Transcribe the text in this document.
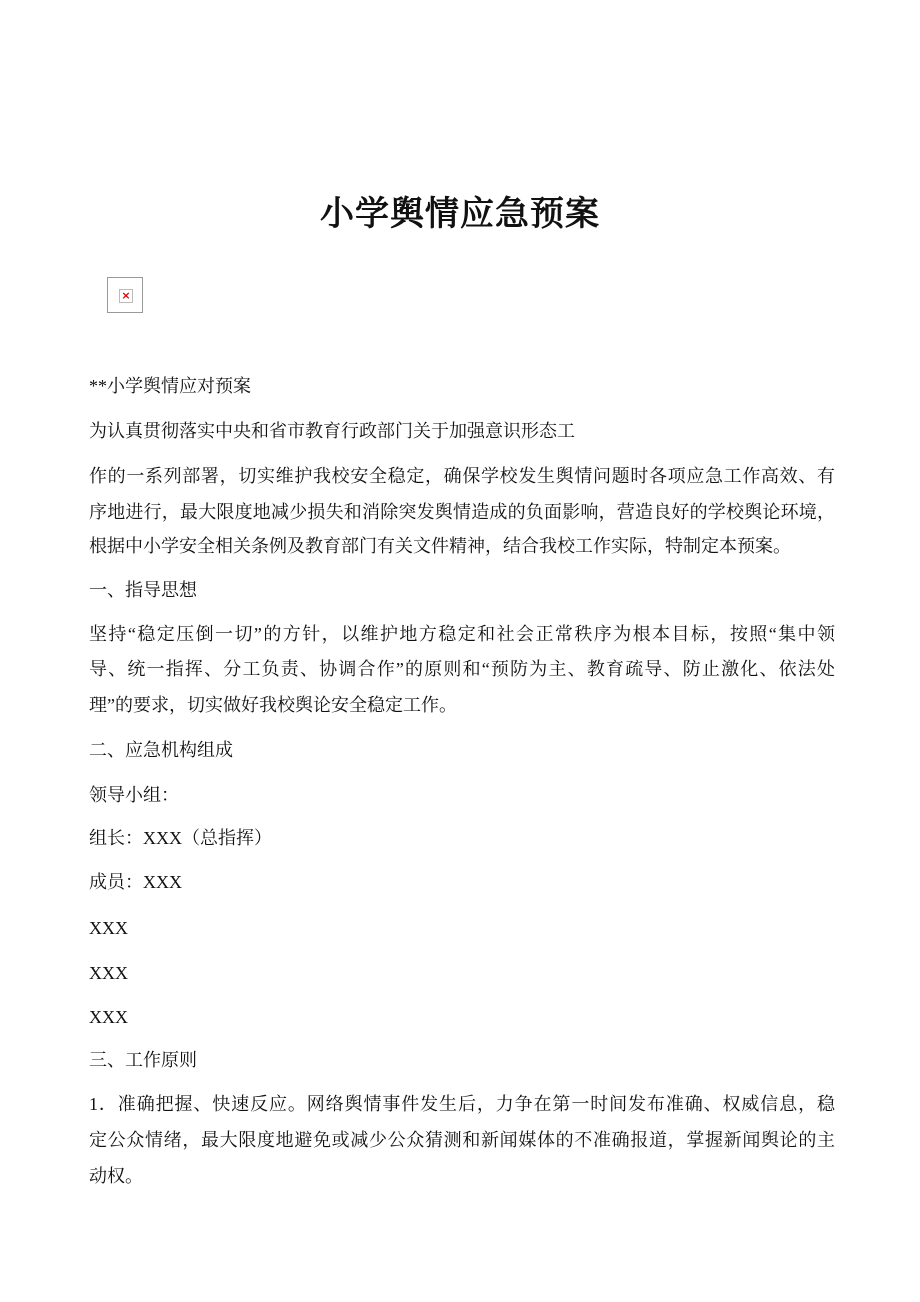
小学舆情应急预案
×
**小学舆情应对预案
为认真贯彻落实中央和省市教育行政部门关于加强意识形态工
作的一系列部署，切实维护我校安全稳定，确保学校发生舆情问题时各项应急工作高效、有
序地进行，最大限度地减少损失和消除突发舆情造成的负面影响，营造良好的学校舆论环境，
根据中小学安全相关条例及教育部门有关文件精神，结合我校工作实际，特制定本预案。
一、指导思想
坚持“稳定压倒一切”的方针，以维护地方稳定和社会正常秩序为根本目标，按照“集中领
导、统一指挥、分工负责、协调合作”的原则和“预防为主、教育疏导、防止激化、依法处
理”的要求，切实做好我校舆论安全稳定工作。
二、应急机构组成
领导小组：
组长：XXX（总指挥）
成员：XXX
XXX
XXX
XXX
三、工作原则
1．准确把握、快速反应。网络舆情事件发生后，力争在第一时间发布准确、权威信息，稳
定公众情绪，最大限度地避免或减少公众猜测和新闻媒体的不准确报道，掌握新闻舆论的主
动权。
